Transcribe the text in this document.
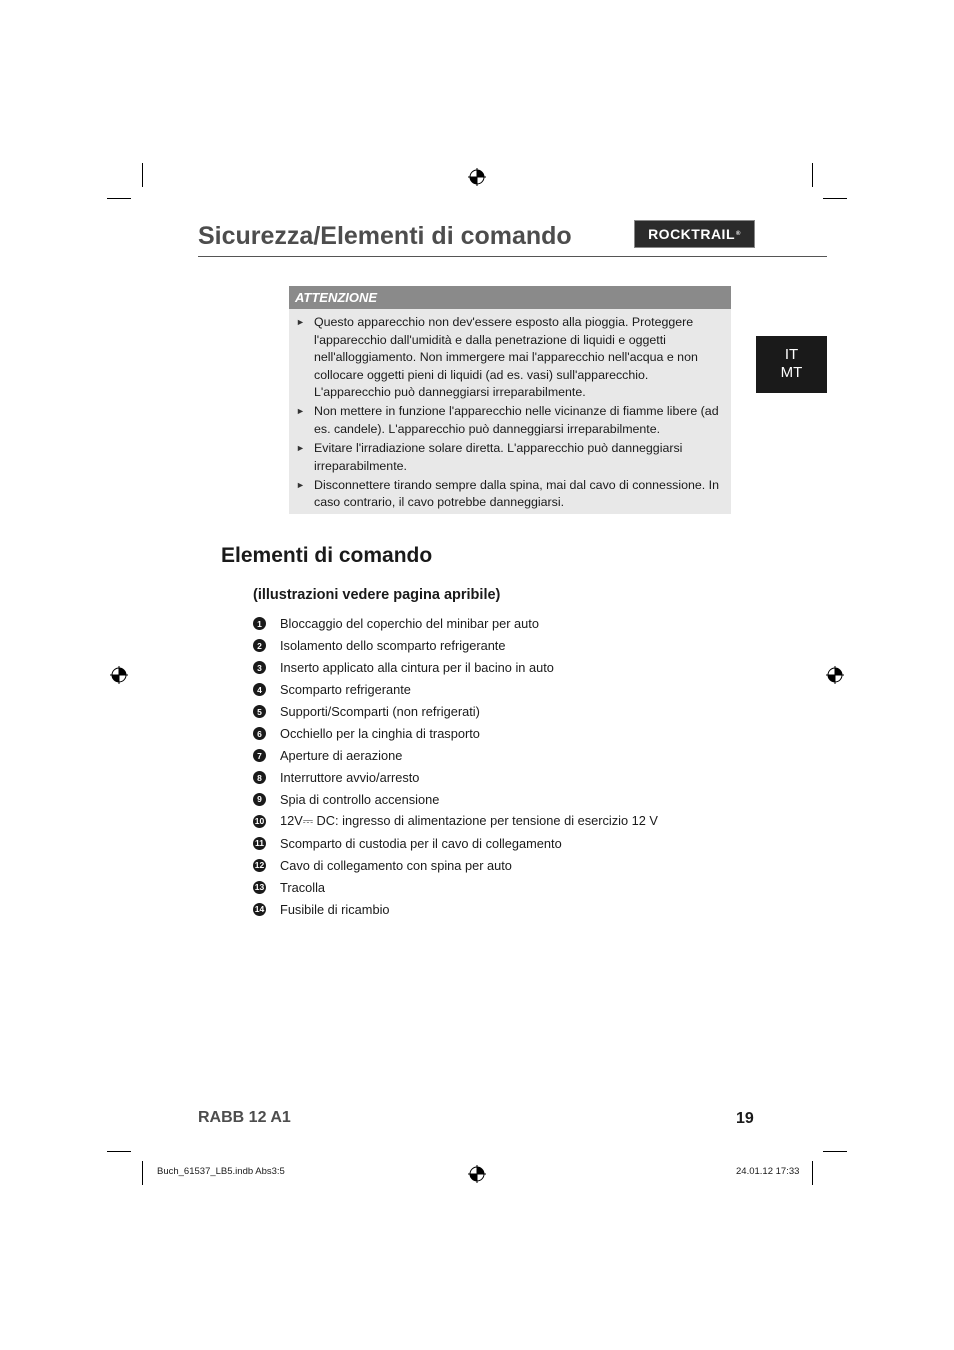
Sicurezza/Elementi di comando	ROCKTRAIL ®
IT
MT
ATTENZIONE
► Questo apparecchio non dev'essere esposto alla pioggia. Proteggere l'apparecchio dall'umidità e dalla penetrazione di liquidi e oggetti nell'alloggiamento. Non immergere mai l'apparecchio nell'acqua e non collocare oggetti pieni di liquidi (ad es. vasi) sull'apparecchio. L'apparecchio può danneggiarsi irreparabilmente.
► Non mettere in funzione l'apparecchio nelle vicinanze di fiamme libere (ad es. candele). L'apparecchio può danneggiarsi irreparabilmente.
► Evitare l'irradiazione solare diretta. L'apparecchio può danneggiarsi irreparabilmente.
► Disconnettere tirando sempre dalla spina, mai dal cavo di connessione. In caso contrario, il cavo potrebbe danneggiarsi.
Elementi di comando
(illustrazioni vedere pagina apribile)
1	Bloccaggio del coperchio del minibar per auto
2	Isolamento dello scomparto refrigerante
3	Inserto applicato alla cintura per il bacino in auto
4	Scomparto refrigerante
5	Supporti/Scomparti (non refrigerati)
6	Occhiello per la cinghia di trasporto
7	Aperture di aerazione
8	Interruttore avvio/arresto
9	Spia di controllo accensione
10 12V⎓ DC: ingresso di alimentazione per tensione di esercizio 12 V
11 Scomparto di custodia per il cavo di collegamento
12 Cavo di collegamento con spina per auto
13 Tracolla
14 Fusibile di ricambio
RABB 12 A1	19
Buch_61537_LB5.indb Abs3:5	24.01.12 17:33
